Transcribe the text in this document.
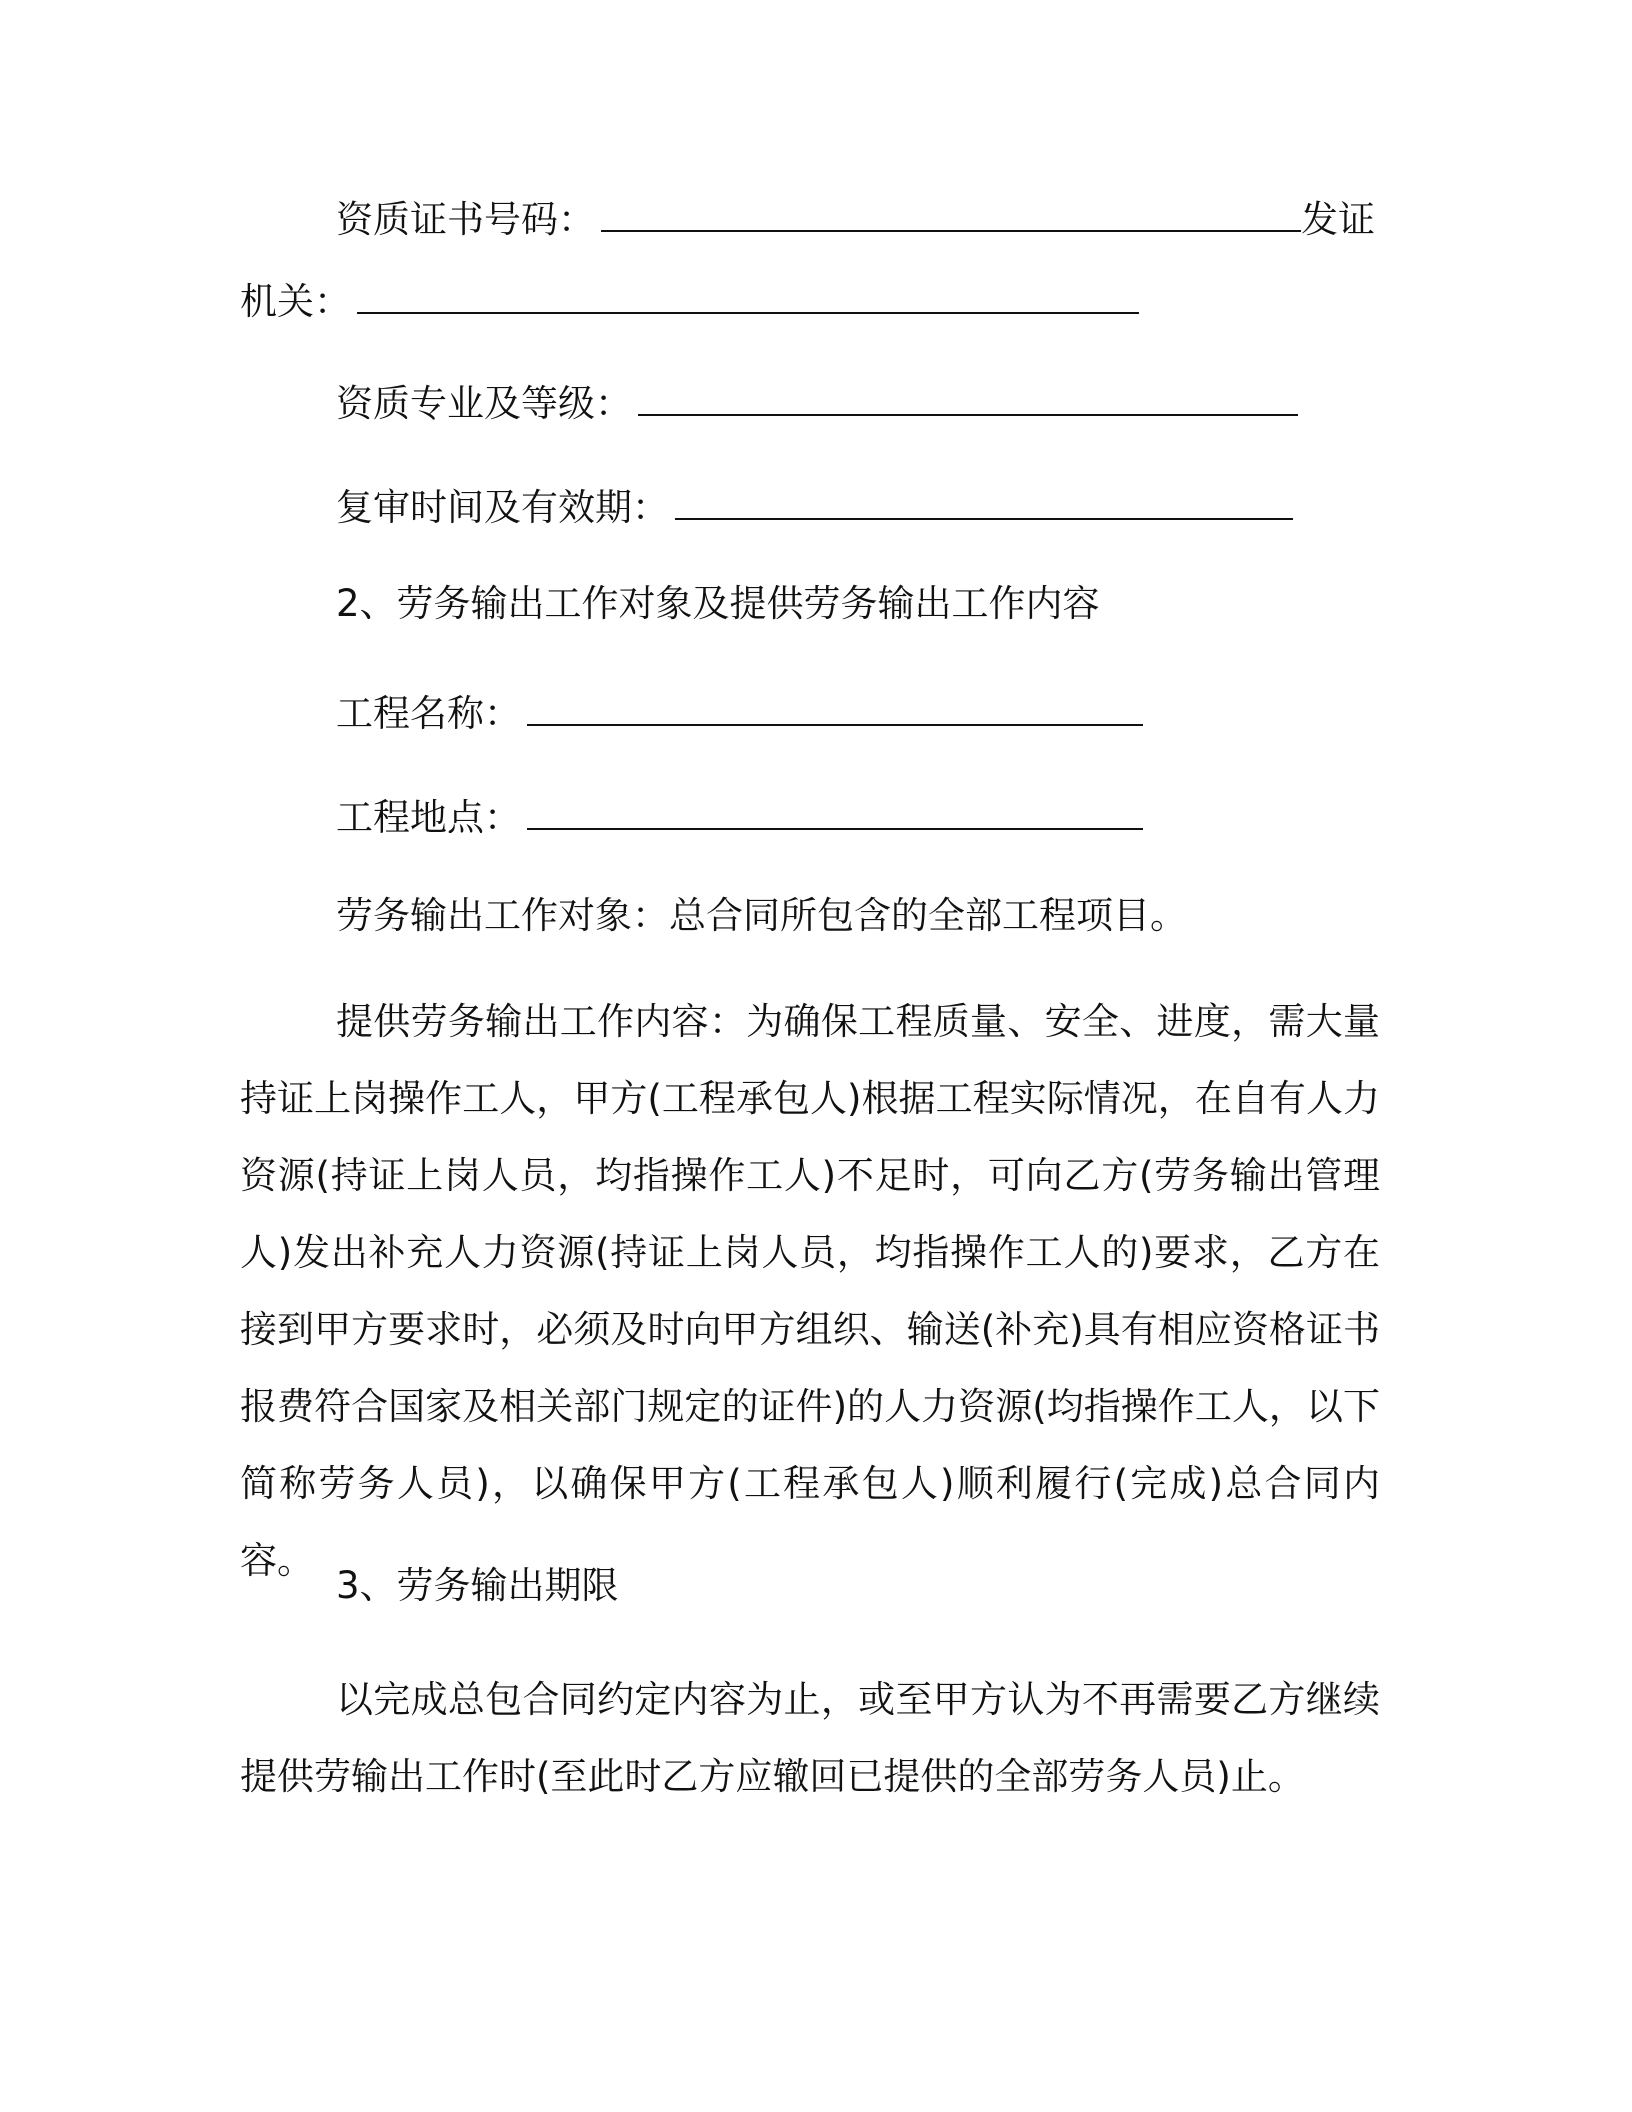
资质证书号码：	发证
机关：
资质专业及等级：
复审时间及有效期：
2、劳务输出工作对象及提供劳务输出工作内容
工程名称：
工程地点：
劳务输出工作对象：总合同所包含的全部工程项目。

提供劳务输出工作内容：为确保工程质量、安全、进度，需大量持证上岗操作工人，甲方(工程承包人)根据工程实际情况，在自有人力资源(持证上岗人员，均指操作工人)不足时，可向乙方(劳务输出管理人)发出补充人力资源(持证上岗人员，均指操作工人的)要求，乙方在接到甲方要求时，必须及时向甲方组织、输送(补充)具有相应资格证书报费符合国家及相关部门规定的证件)的人力资源(均指操作工人，以下简称劳务人员)，以确保甲方(工程承包人)顺利履行(完成)总合同内容。

3、劳务输出期限

以完成总包合同约定内容为止，或至甲方认为不再需要乙方继续提供劳输出工作时(至此时乙方应辙回已提供的全部劳务人员)止。
